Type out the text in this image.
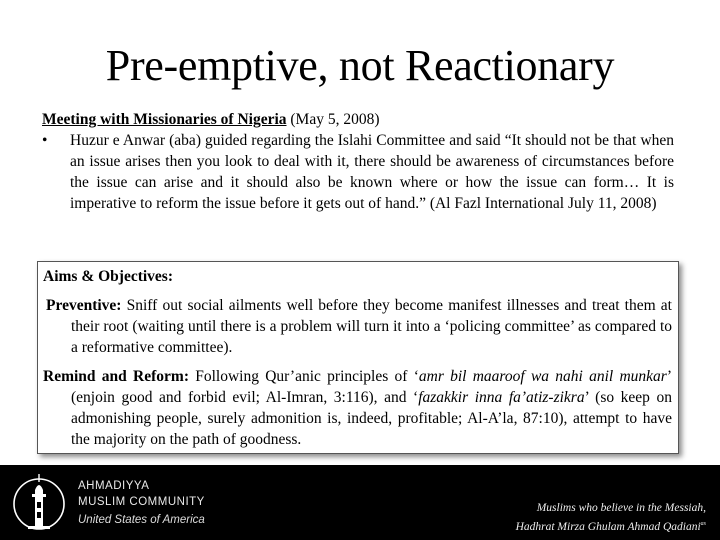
Pre-emptive, not Reactionary
Meeting with Missionaries of Nigeria (May 5, 2008)
• Huzur e Anwar (aba) guided regarding the Islahi Committee and said “It should not be that when an issue arises then you look to deal with it, there should be awareness of circumstances before the issue can arise and it should also be known where or how the issue can form… It is imperative to reform the issue before it gets out of hand.” (Al Fazl International July 11, 2008)
Aims & Objectives:
Preventive: Sniff out social ailments well before they become manifest illnesses and treat them at their root (waiting until there is a problem will turn it into a ‘policing committee’ as compared to a reformative committee).
Remind and Reform: Following Qur’anic principles of ‘amr bil maaroof wa nahi anil munkar’ (enjoin good and forbid evil; Al-Imran, 3:116), and ‘fazakkir inna fa’atiz-zikra’ (so keep on admonishing people, surely admonition is, indeed, profitable; Al-A’la, 87:10), attempt to have the majority on the path of goodness.
AHMADIYYA
MUSLIM COMMUNITY
United States of America
Muslims who believe in the Messiah,
Hadhrat Mirza Ghulam Ahmad Qadiani$^{as}$
